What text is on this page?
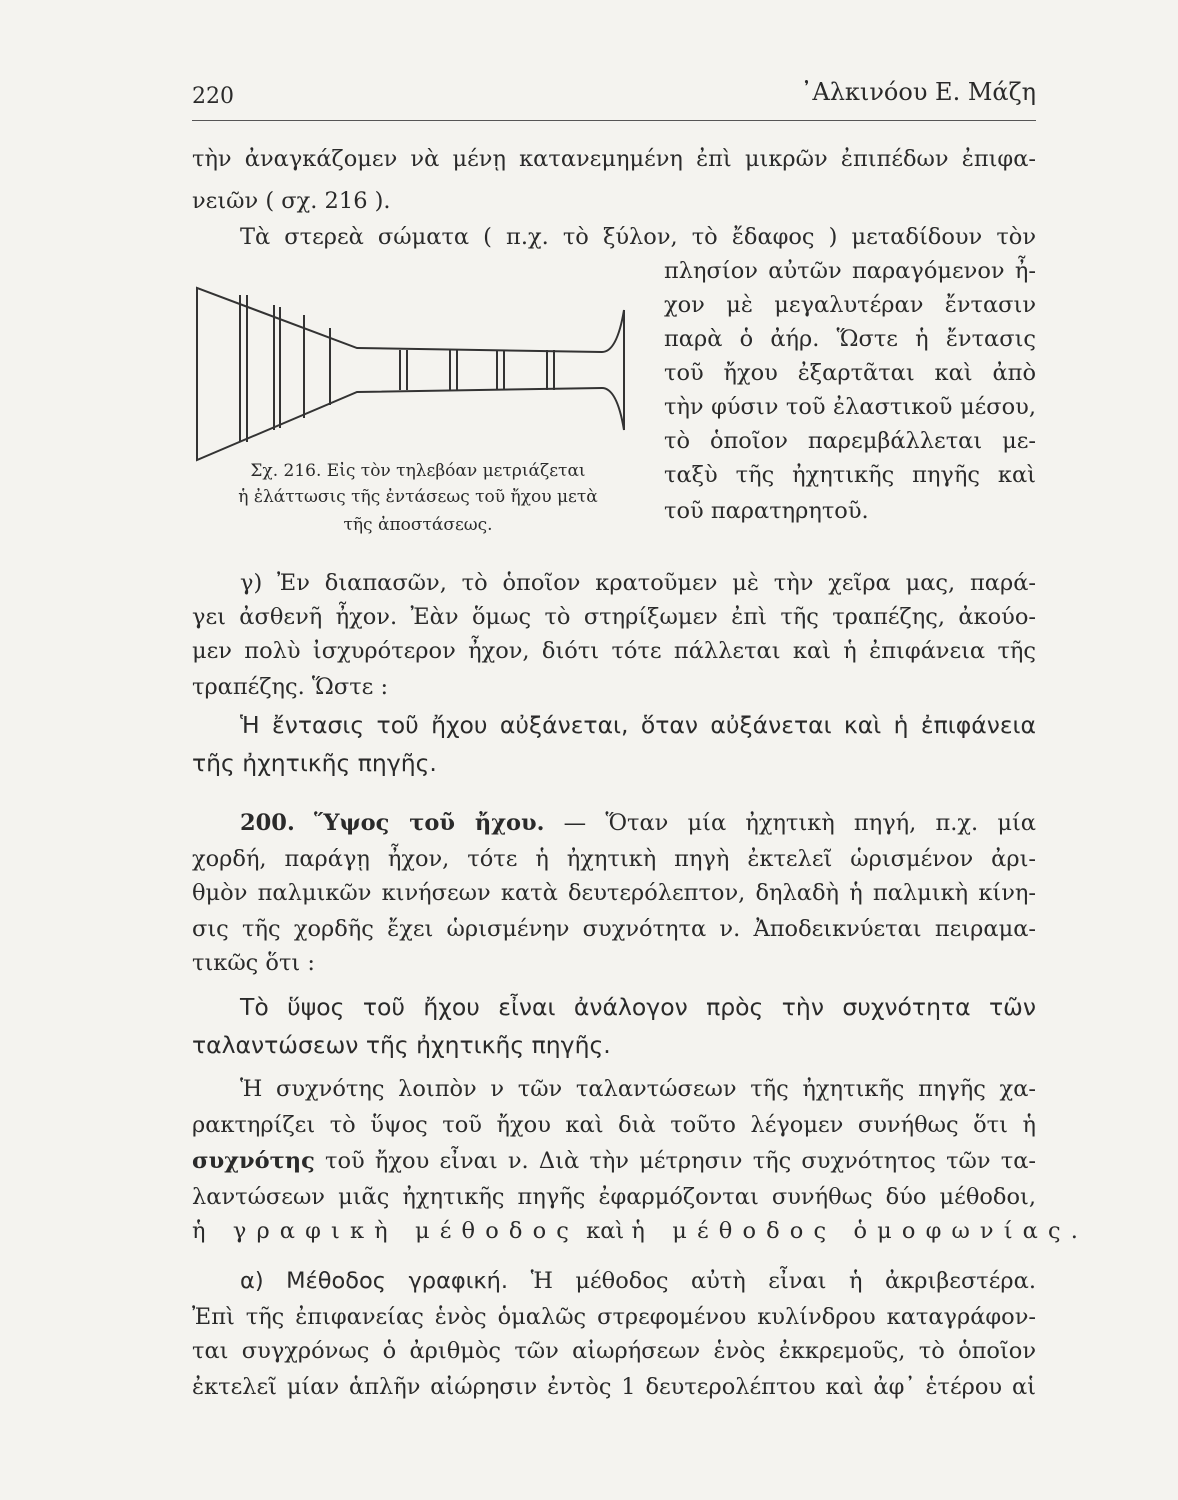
220	᾿Αλκινόου Ε. Μάζη
τὴν ἀναγκάζομεν νὰ μένῃ κατανεμημένη ἐπὶ μικρῶν ἐπιπέδων ἐπιφα-
νειῶν ( σχ. 216 ).
Τὰ στερεὰ σώματα ( π.χ. τὸ ξύλον, τὸ ἔδαφος ) μεταδίδουν τὸν
πλησίον αὐτῶν παραγόμενον ἦ-
χον μὲ μεγαλυτέραν ἔντασιν
παρὰ ὁ ἀήρ. Ὥστε ἡ ἔντασις
τοῦ ἤχου ἐξαρτᾶται καὶ ἀπὸ
τὴν φύσιν τοῦ ἐλαστικοῦ μέσου,
τὸ ὁποῖον παρεμβάλλεται με-
ταξὺ τῆς ἠχητικῆς πηγῆς καὶ
τοῦ παρατηρητοῦ.
Σχ. 216. Εἰς τὸν τηλεβόαν μετριάζεται
ἡ ἐλάττωσις τῆς ἐντάσεως τοῦ ἤχου μετὰ
τῆς ἀποστάσεως.
γ) Ἐν διαπασῶν, τὸ ὁποῖον κρατοῦμεν μὲ τὴν χεῖρα μας, παρά-
γει ἀσθενῆ ἦχον. Ἐὰν ὅμως τὸ στηρίξωμεν ἐπὶ τῆς τραπέζης, ἀκούο-
μεν πολὺ ἰσχυρότερον ἦχον, διότι τότε πάλλεται καὶ ἡ ἐπιφάνεια τῆς
τραπέζης. Ὥστε :
Ἡ ἔντασις τοῦ ἤχου αὐξάνεται, ὅταν αὐξάνεται καὶ ἡ ἐπιφάνεια
τῆς ἠχητικῆς πηγῆς.
200. Ὕψος τοῦ ἤχου. — Ὅταν μία ἠχητικὴ πηγή, π.χ. μία
χορδή, παράγῃ ἦχον, τότε ἡ ἠχητικὴ πηγὴ ἐκτελεῖ ὡρισμένον ἀρι-
θμὸν παλμικῶν κινήσεων κατὰ δευτερόλεπτον, δηλαδὴ ἡ παλμικὴ κίνη-
σις τῆς χορδῆς ἔχει ὡρισμένην συχνότητα ν. Ἀποδεικνύεται πειραμα-
τικῶς ὅτι :
Τὸ ὕψος τοῦ ἤχου εἶναι ἀνάλογον πρὸς τὴν συχνότητα τῶν
ταλαντώσεων τῆς ἠχητικῆς πηγῆς.
Ἡ συχνότης λοιπὸν ν τῶν ταλαντώσεων τῆς ἠχητικῆς πηγῆς χα-
ρακτηρίζει τὸ ὕψος τοῦ ἤχου καὶ διὰ τοῦτο λέγομεν συνήθως ὅτι ἡ
συχνότης τοῦ ἤχου εἶναι ν. Διὰ τὴν μέτρησιν τῆς συχνότητος τῶν τα-
λαντώσεων μιᾶς ἠχητικῆς πηγῆς ἐφαρμόζονται συνήθως δύο μέθοδοι,
ἡ γραφικὴ μέθοδος καὶ ἡ μέθοδος ὁμοφωνίας.
α) Μέθοδος γραφική. Ἡ μέθοδος αὐτὴ εἶναι ἡ ἀκριβεστέρα.
Ἐπὶ τῆς ἐπιφανείας ἑνὸς ὁμαλῶς στρεφομένου κυλίνδρου καταγράφον-
ται συγχρόνως ὁ ἀριθμὸς τῶν αἰωρήσεων ἑνὸς ἐκκρεμοῦς, τὸ ὁποῖον
ἐκτελεῖ μίαν ἁπλῆν αἰώρησιν ἐντὸς 1 δευτερολέπτου καὶ ἀφ᾿ ἑτέρου αἱ
